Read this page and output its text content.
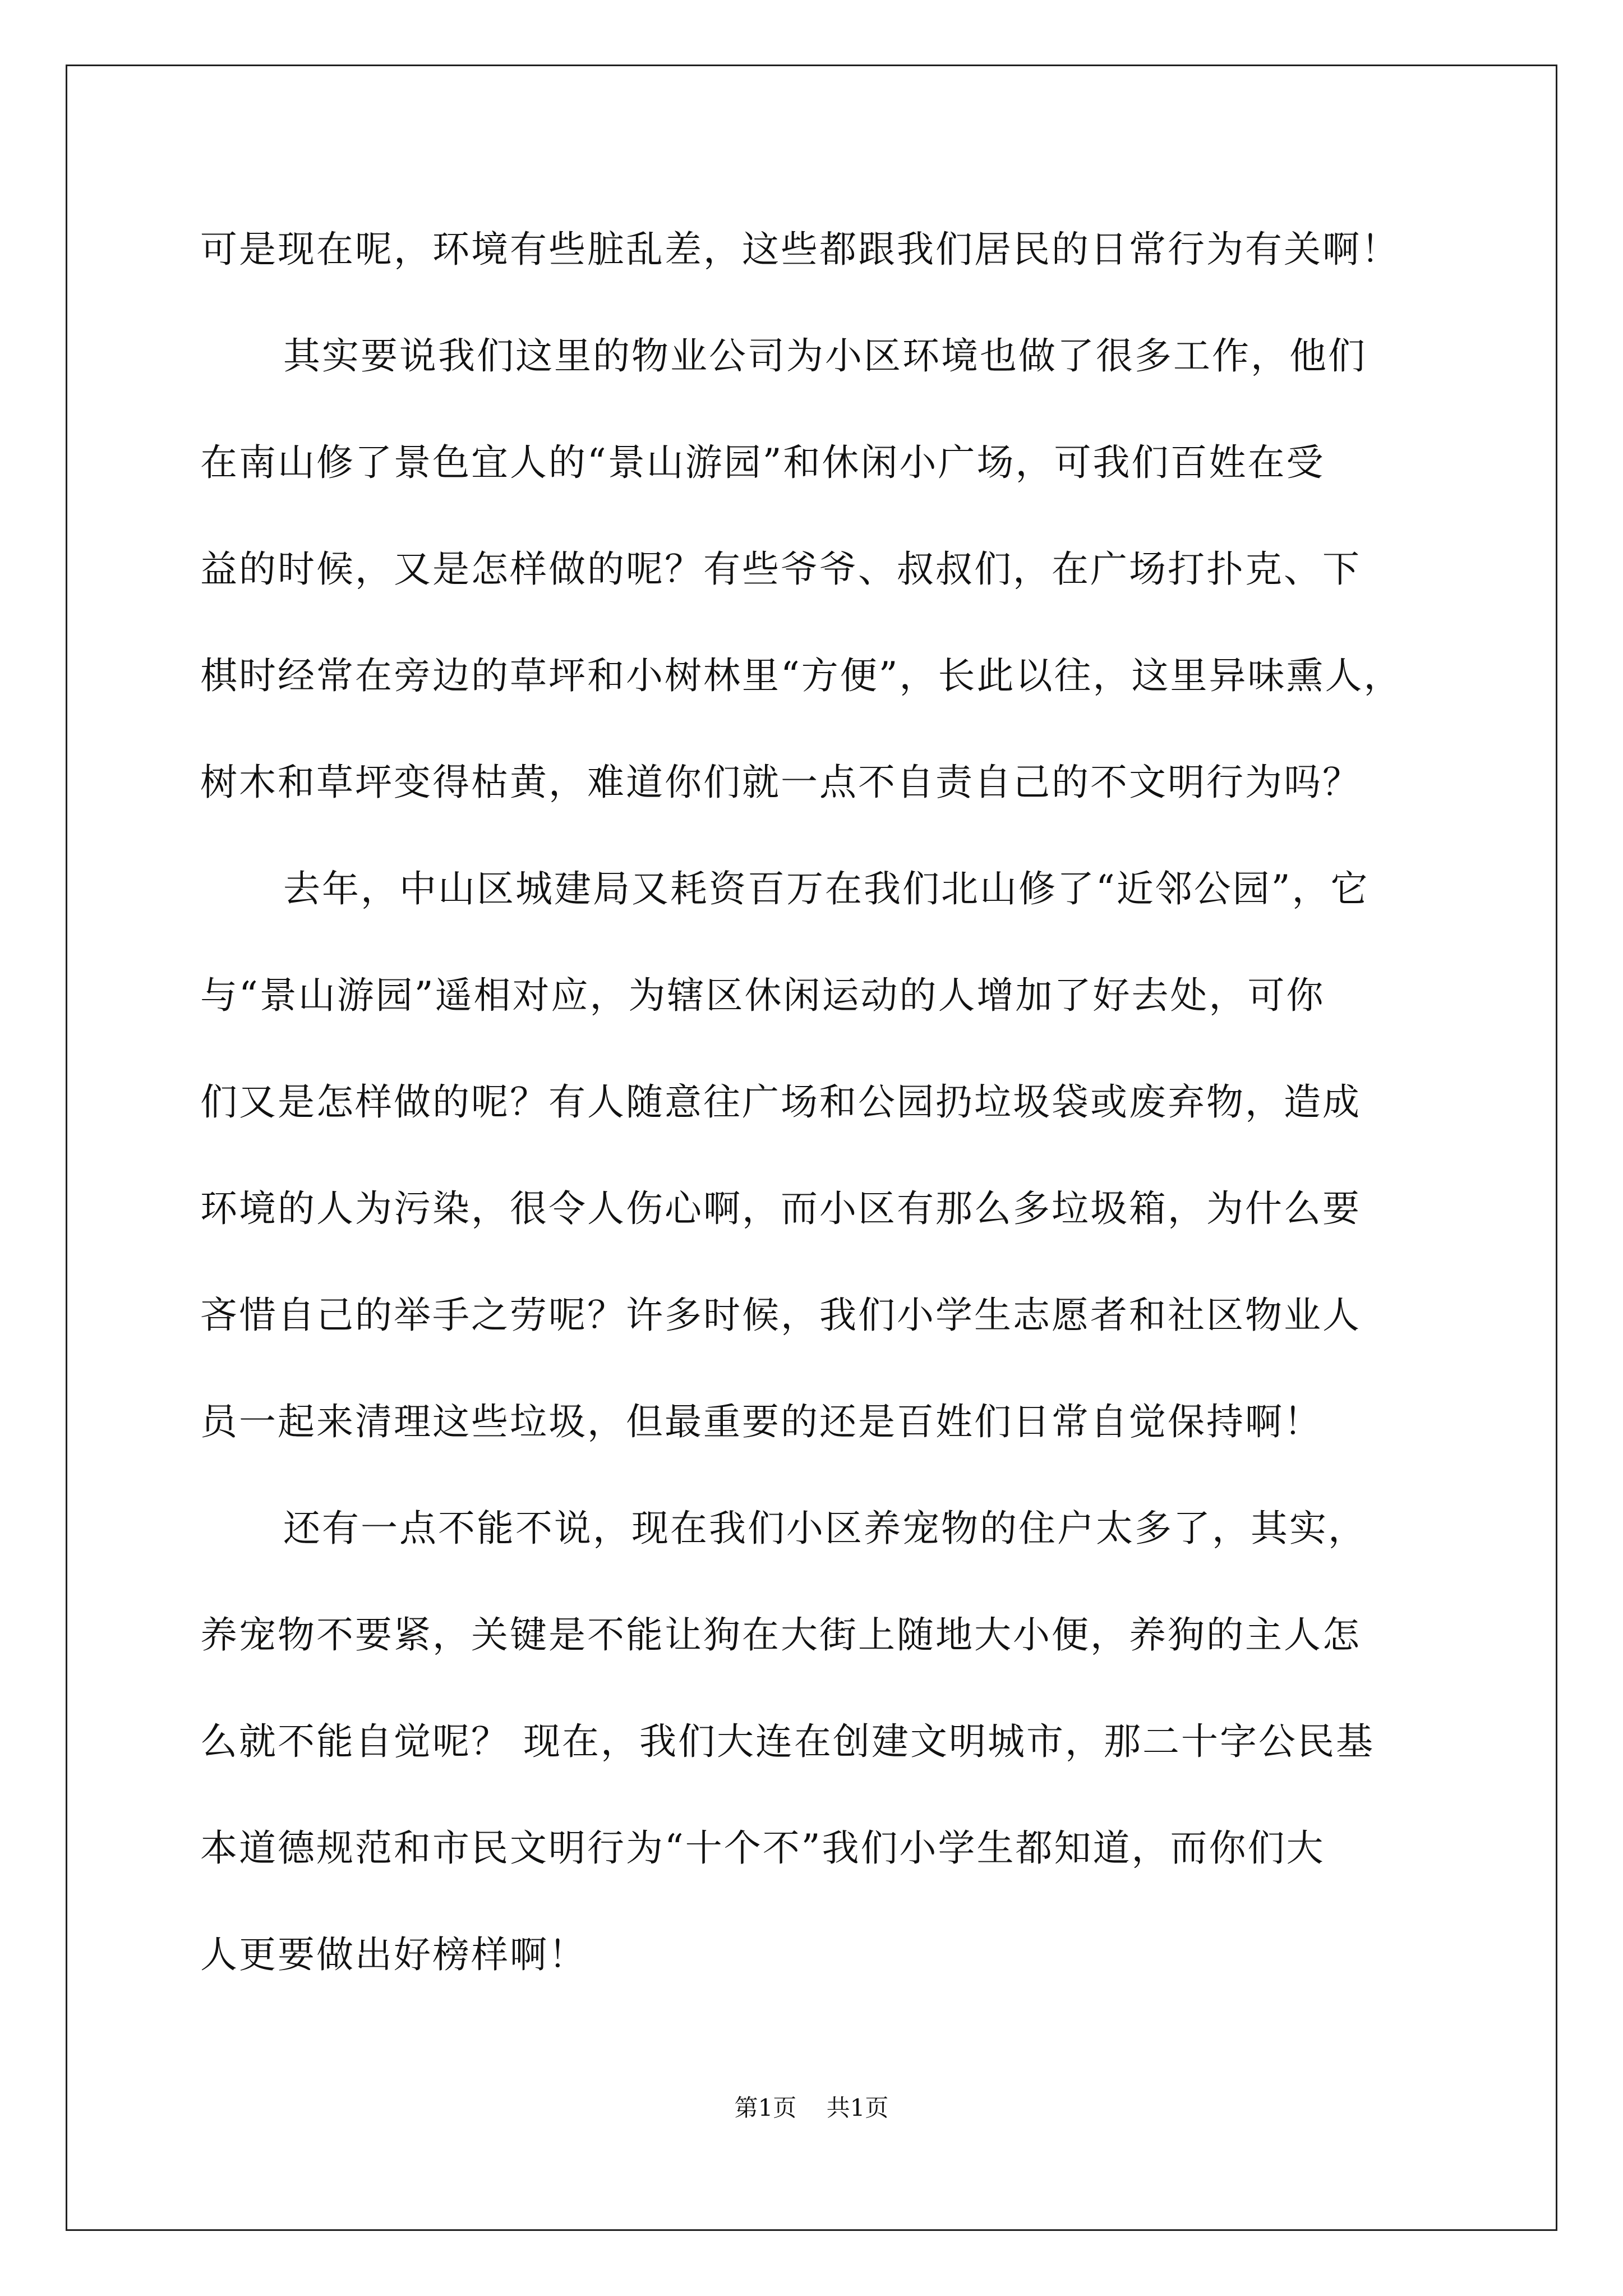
可是现在呢，环境有些脏乱差，这些都跟我们居民的日常行为有关啊！
其实要说我们这里的物业公司为小区环境也做了很多工作，他们
在南山修了景色宜人的“景山游园”和休闲小广场，可我们百姓在受
益的时候，又是怎样做的呢？有些爷爷、叔叔们，在广场打扑克、下
棋时经常在旁边的草坪和小树林里“方便”，长此以往，这里异味熏人，
树木和草坪变得枯黄，难道你们就一点不自责自己的不文明行为吗？
去年，中山区城建局又耗资百万在我们北山修了“近邻公园”，它
与“景山游园”遥相对应，为辖区休闲运动的人增加了好去处，可你
们又是怎样做的呢？有人随意往广场和公园扔垃圾袋或废弃物，造成
环境的人为污染，很令人伤心啊，而小区有那么多垃圾箱，为什么要
吝惜自己的举手之劳呢？许多时候，我们小学生志愿者和社区物业人
员一起来清理这些垃圾，但最重要的还是百姓们日常自觉保持啊！
还有一点不能不说，现在我们小区养宠物的住户太多了，其实，
养宠物不要紧，关键是不能让狗在大街上随地大小便，养狗的主人怎
么就不能自觉呢？ 现在，我们大连在创建文明城市，那二十字公民基
本道德规范和市民文明行为“十个不”我们小学生都知道，而你们大
人更要做出好榜样啊！
第1页 共1页
